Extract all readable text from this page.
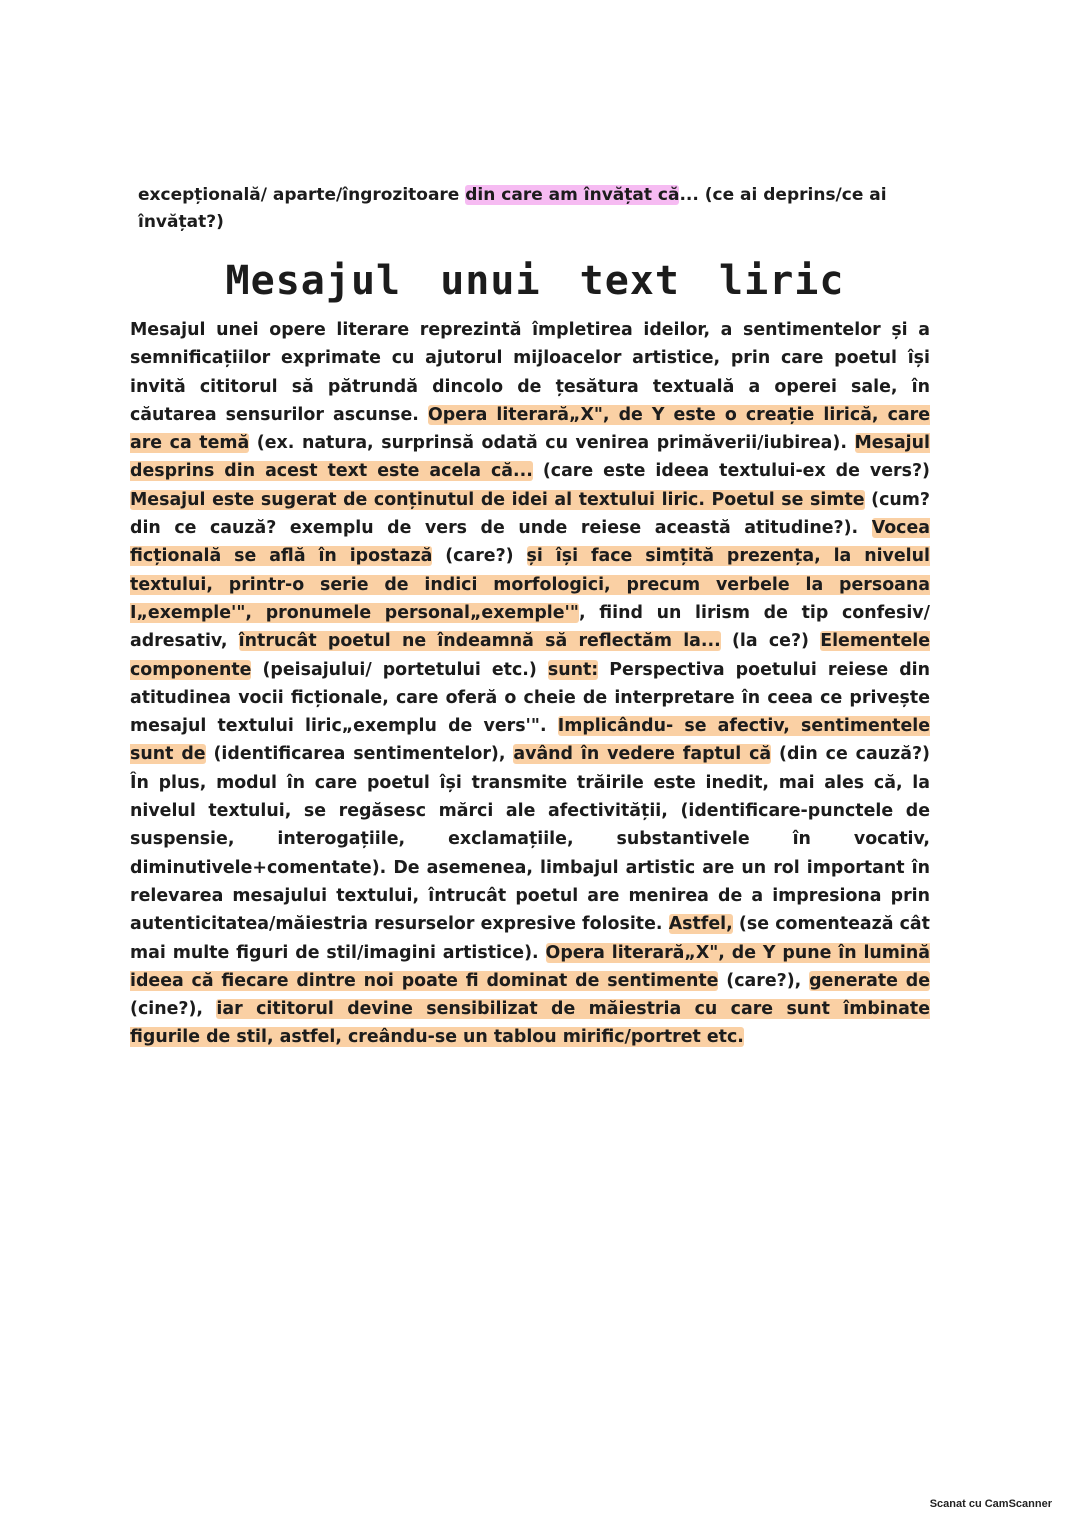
excepțională/ aparte/îngrozitoare din care am învățat că... (ce ai deprins/ce ai învățat?)
Mesajul unui text liric
Mesajul unei opere literare reprezintă împletirea ideilor, a sentimentelor și a semnificațiilor exprimate cu ajutorul mijloacelor artistice, prin care poetul își invită cititorul să pătrundă dincolo de țesătura textuală a operei sale, în căutarea sensurilor ascunse. Opera literară„X", de Y este o creație lirică, care are ca temă (ex. natura, surprinsă odată cu venirea primăverii/iubirea). Mesajul desprins din acest text este acela că... (care este ideea textului-ex de vers?) Mesajul este sugerat de conținutul de idei al textului liric. Poetul se simte (cum? din ce cauză? exemplu de vers de unde reiese această atitudine?). Vocea ficțională se află în ipostază (care?) și își face simțită prezența, la nivelul textului, printr-o serie de indici morfologici, precum verbele la persoana I„exemple'", pronumele personal„exemple'", fiind un lirism de tip confesiv/ adresativ, întrucât poetul ne îndeamnă să reflectăm la... (la ce?) Elementele componente (peisajului/ portetului etc.) sunt: Perspectiva poetului reiese din atitudinea vocii ficționale, care oferă o cheie de interpretare în ceea ce privește mesajul textului liric„exemplu de vers'". Implicându- se afectiv, sentimentele sunt de (identificarea sentimentelor), având în vedere faptul că (din ce cauză?) În plus, modul în care poetul își transmite trăirile este inedit, mai ales că, la nivelul textului, se regăsesc mărci ale afectivității, (identificare-punctele de suspensie, interogațiile, exclamațiile, substantivele în vocativ, diminutivele+comentate). De asemenea, limbajul artistic are un rol important în relevarea mesajului textului, întrucât poetul are menirea de a impresiona prin autenticitatea/măiestria resurselor expresive folosite. Astfel, (se comentează cât mai multe figuri de stil/imagini artistice). Opera literară„X", de Y pune în lumină ideea că fiecare dintre noi poate fi dominat de sentimente (care?), generate de (cine?), iar cititorul devine sensibilizat de măiestria cu care sunt îmbinate figurile de stil, astfel, creându-se un tablou mirific/portret etc.
Scanat cu CamScanner
